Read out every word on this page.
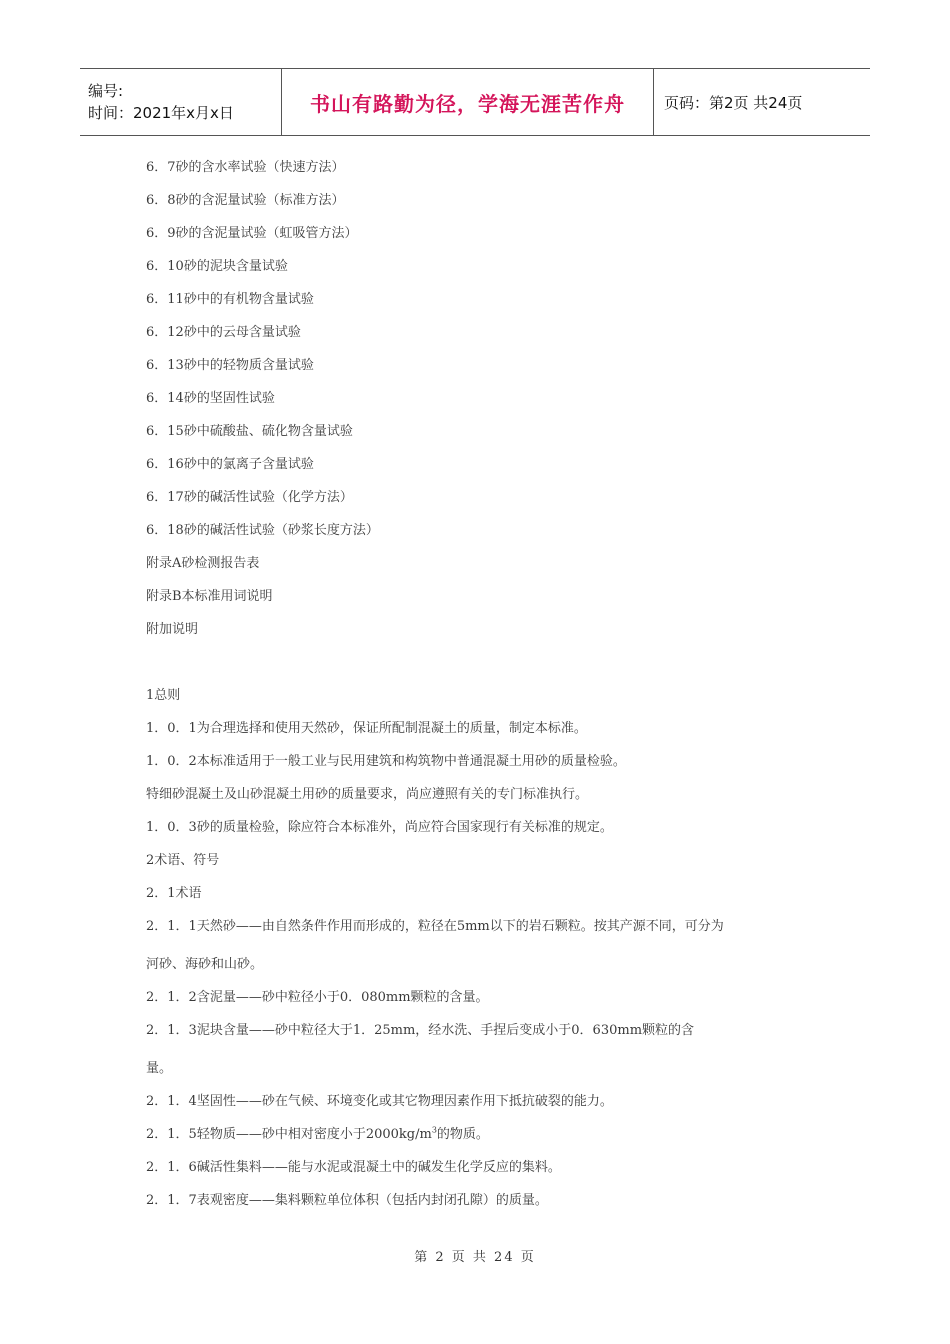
编号:
时间：2021年x月x日	书山有路勤为径，学海无涯苦作舟	页码：第2页 共24页
6．7砂的含水率试验（快速方法）
6．8砂的含泥量试验（标准方法）
6．9砂的含泥量试验（虹吸管方法）
6．10砂的泥块含量试验
6．11砂中的有机物含量试验
6．12砂中的云母含量试验
6．13砂中的轻物质含量试验
6．14砂的坚固性试验
6．15砂中硫酸盐、硫化物含量试验
6．16砂中的氯离子含量试验
6．17砂的碱活性试验（化学方法）
6．18砂的碱活性试验（砂浆长度方法）
附录A砂检测报告表
附录B本标准用词说明
附加说明
1总则
1．0．1为合理选择和使用天然砂，保证所配制混凝土的质量，制定本标准。
1．0．2本标准适用于一般工业与民用建筑和构筑物中普通混凝土用砂的质量检验。
特细砂混凝土及山砂混凝土用砂的质量要求，尚应遵照有关的专门标准执行。
1．0．3砂的质量检验，除应符合本标准外，尚应符合国家现行有关标准的规定。
2术语、符号
2．1术语
2．1．1天然砂——由自然条件作用而形成的，粒径在5mm以下的岩石颗粒。按其产源不同，可分为
河砂、海砂和山砂。
2．1．2含泥量——砂中粒径小于0．080mm颗粒的含量。
2．1．3泥块含量——砂中粒径大于1．25mm，经水洗、手捏后变成小于0．630mm颗粒的含
量。
2．1．4坚固性——砂在气候、环境变化或其它物理因素作用下抵抗破裂的能力。
2．1．5轻物质——砂中相对密度小于$2000kg/m^3$的物质。
2．1．6碱活性集料——能与水泥或混凝土中的碱发生化学反应的集料。
2．1．7表观密度——集料颗粒单位体积（包括内封闭孔隙）的质量。
第 2 页 共 24 页
